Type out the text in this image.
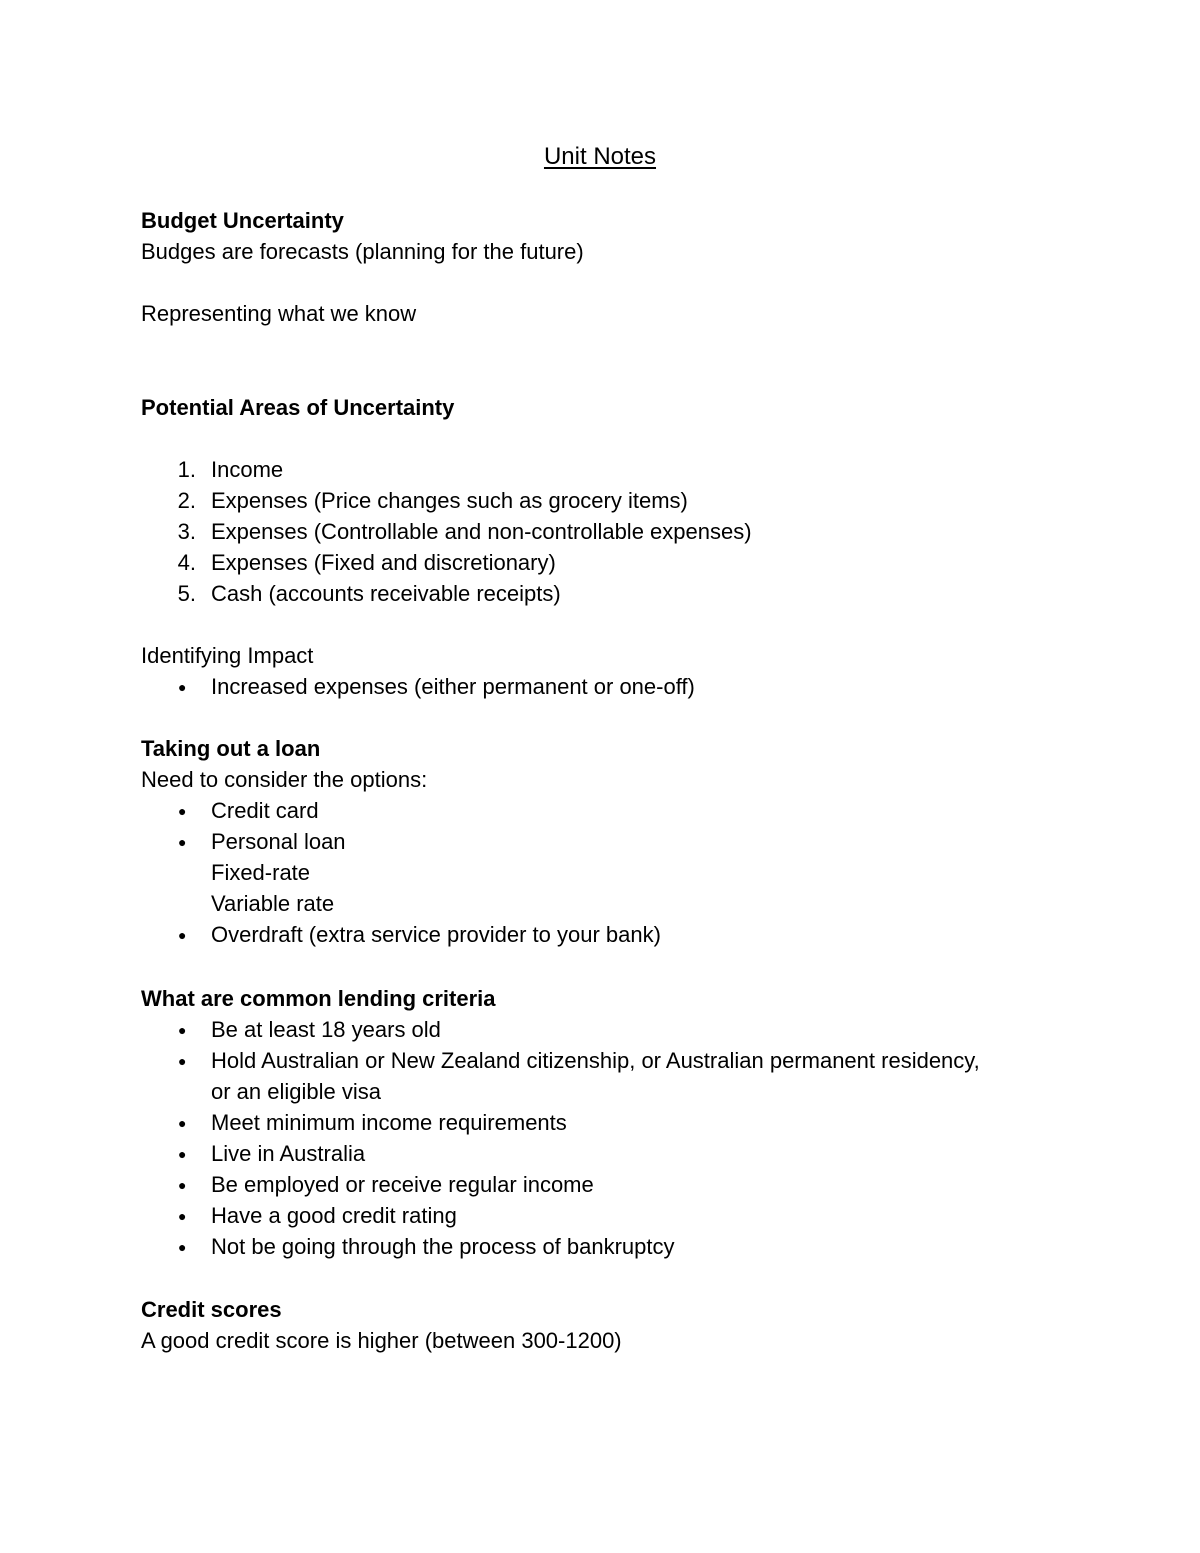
Unit Notes
Budget Uncertainty
Budges are forecasts (planning for the future)
Representing what we know
Potential Areas of Uncertainty
1. Income
2. Expenses (Price changes such as grocery items)
3. Expenses (Controllable and non-controllable expenses)
4. Expenses (Fixed and discretionary)
5. Cash (accounts receivable receipts)
Identifying Impact
● Increased expenses (either permanent or one-off)
Taking out a loan
Need to consider the options:
● Credit card
● Personal loan
Fixed-rate
Variable rate
● Overdraft (extra service provider to your bank)
What are common lending criteria
● Be at least 18 years old
● Hold Australian or New Zealand citizenship, or Australian permanent residency,
or an eligible visa
● Meet minimum income requirements
● Live in Australia
● Be employed or receive regular income
● Have a good credit rating
● Not be going through the process of bankruptcy
Credit scores
A good credit score is higher (between 300-1200)
